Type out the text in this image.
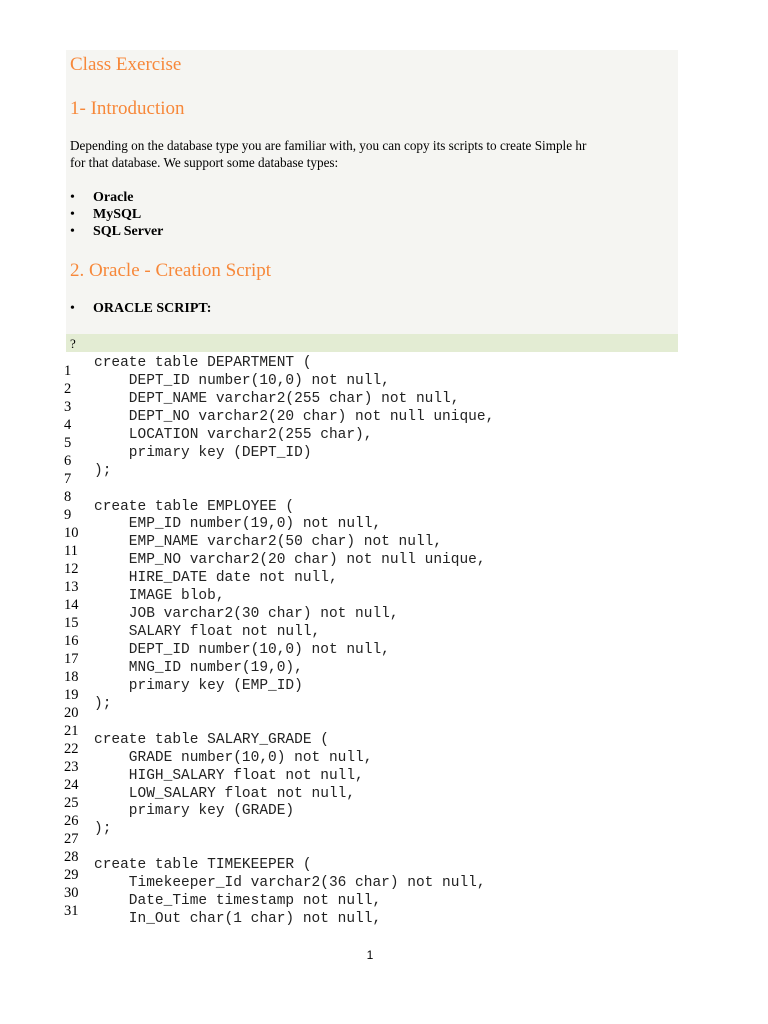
Class Exercise
1- Introduction

Depending on the database type you are familiar with, you can copy its scripts to create Simple hr

for that database. We support some database types:

• Oracle
• MySQL
• SQL Server
2. Oracle - Creation Script
• ORACLE SCRIPT:
?
1
2
3
4
5
6
7
8
9
10
11
12
13
14
15
16
17
18
19
20
21
22
23
24
25
26
27
28
29
30
31
create table DEPARTMENT (
DEPT_ID number(10,0) not null,
DEPT_NAME varchar2(255 char) not null,
DEPT_NO varchar2(20 char) not null unique,
LOCATION varchar2(255 char),
primary key (DEPT_ID)
);
create table EMPLOYEE (
EMP_ID number(19,0) not null,
EMP_NAME varchar2(50 char) not null,
EMP_NO varchar2(20 char) not null unique,
HIRE_DATE date not null,
IMAGE blob,
JOB varchar2(30 char) not null,
SALARY float not null,
DEPT_ID number(10,0) not null,
MNG_ID number(19,0),
primary key (EMP_ID)
);
create table SALARY_GRADE (
GRADE number(10,0) not null,
HIGH_SALARY float not null,
LOW_SALARY float not null,
primary key (GRADE)
);
create table TIMEKEEPER (
Timekeeper_Id varchar2(36 char) not null,
Date_Time timestamp not null,
In_Out char(1 char) not null,
1
